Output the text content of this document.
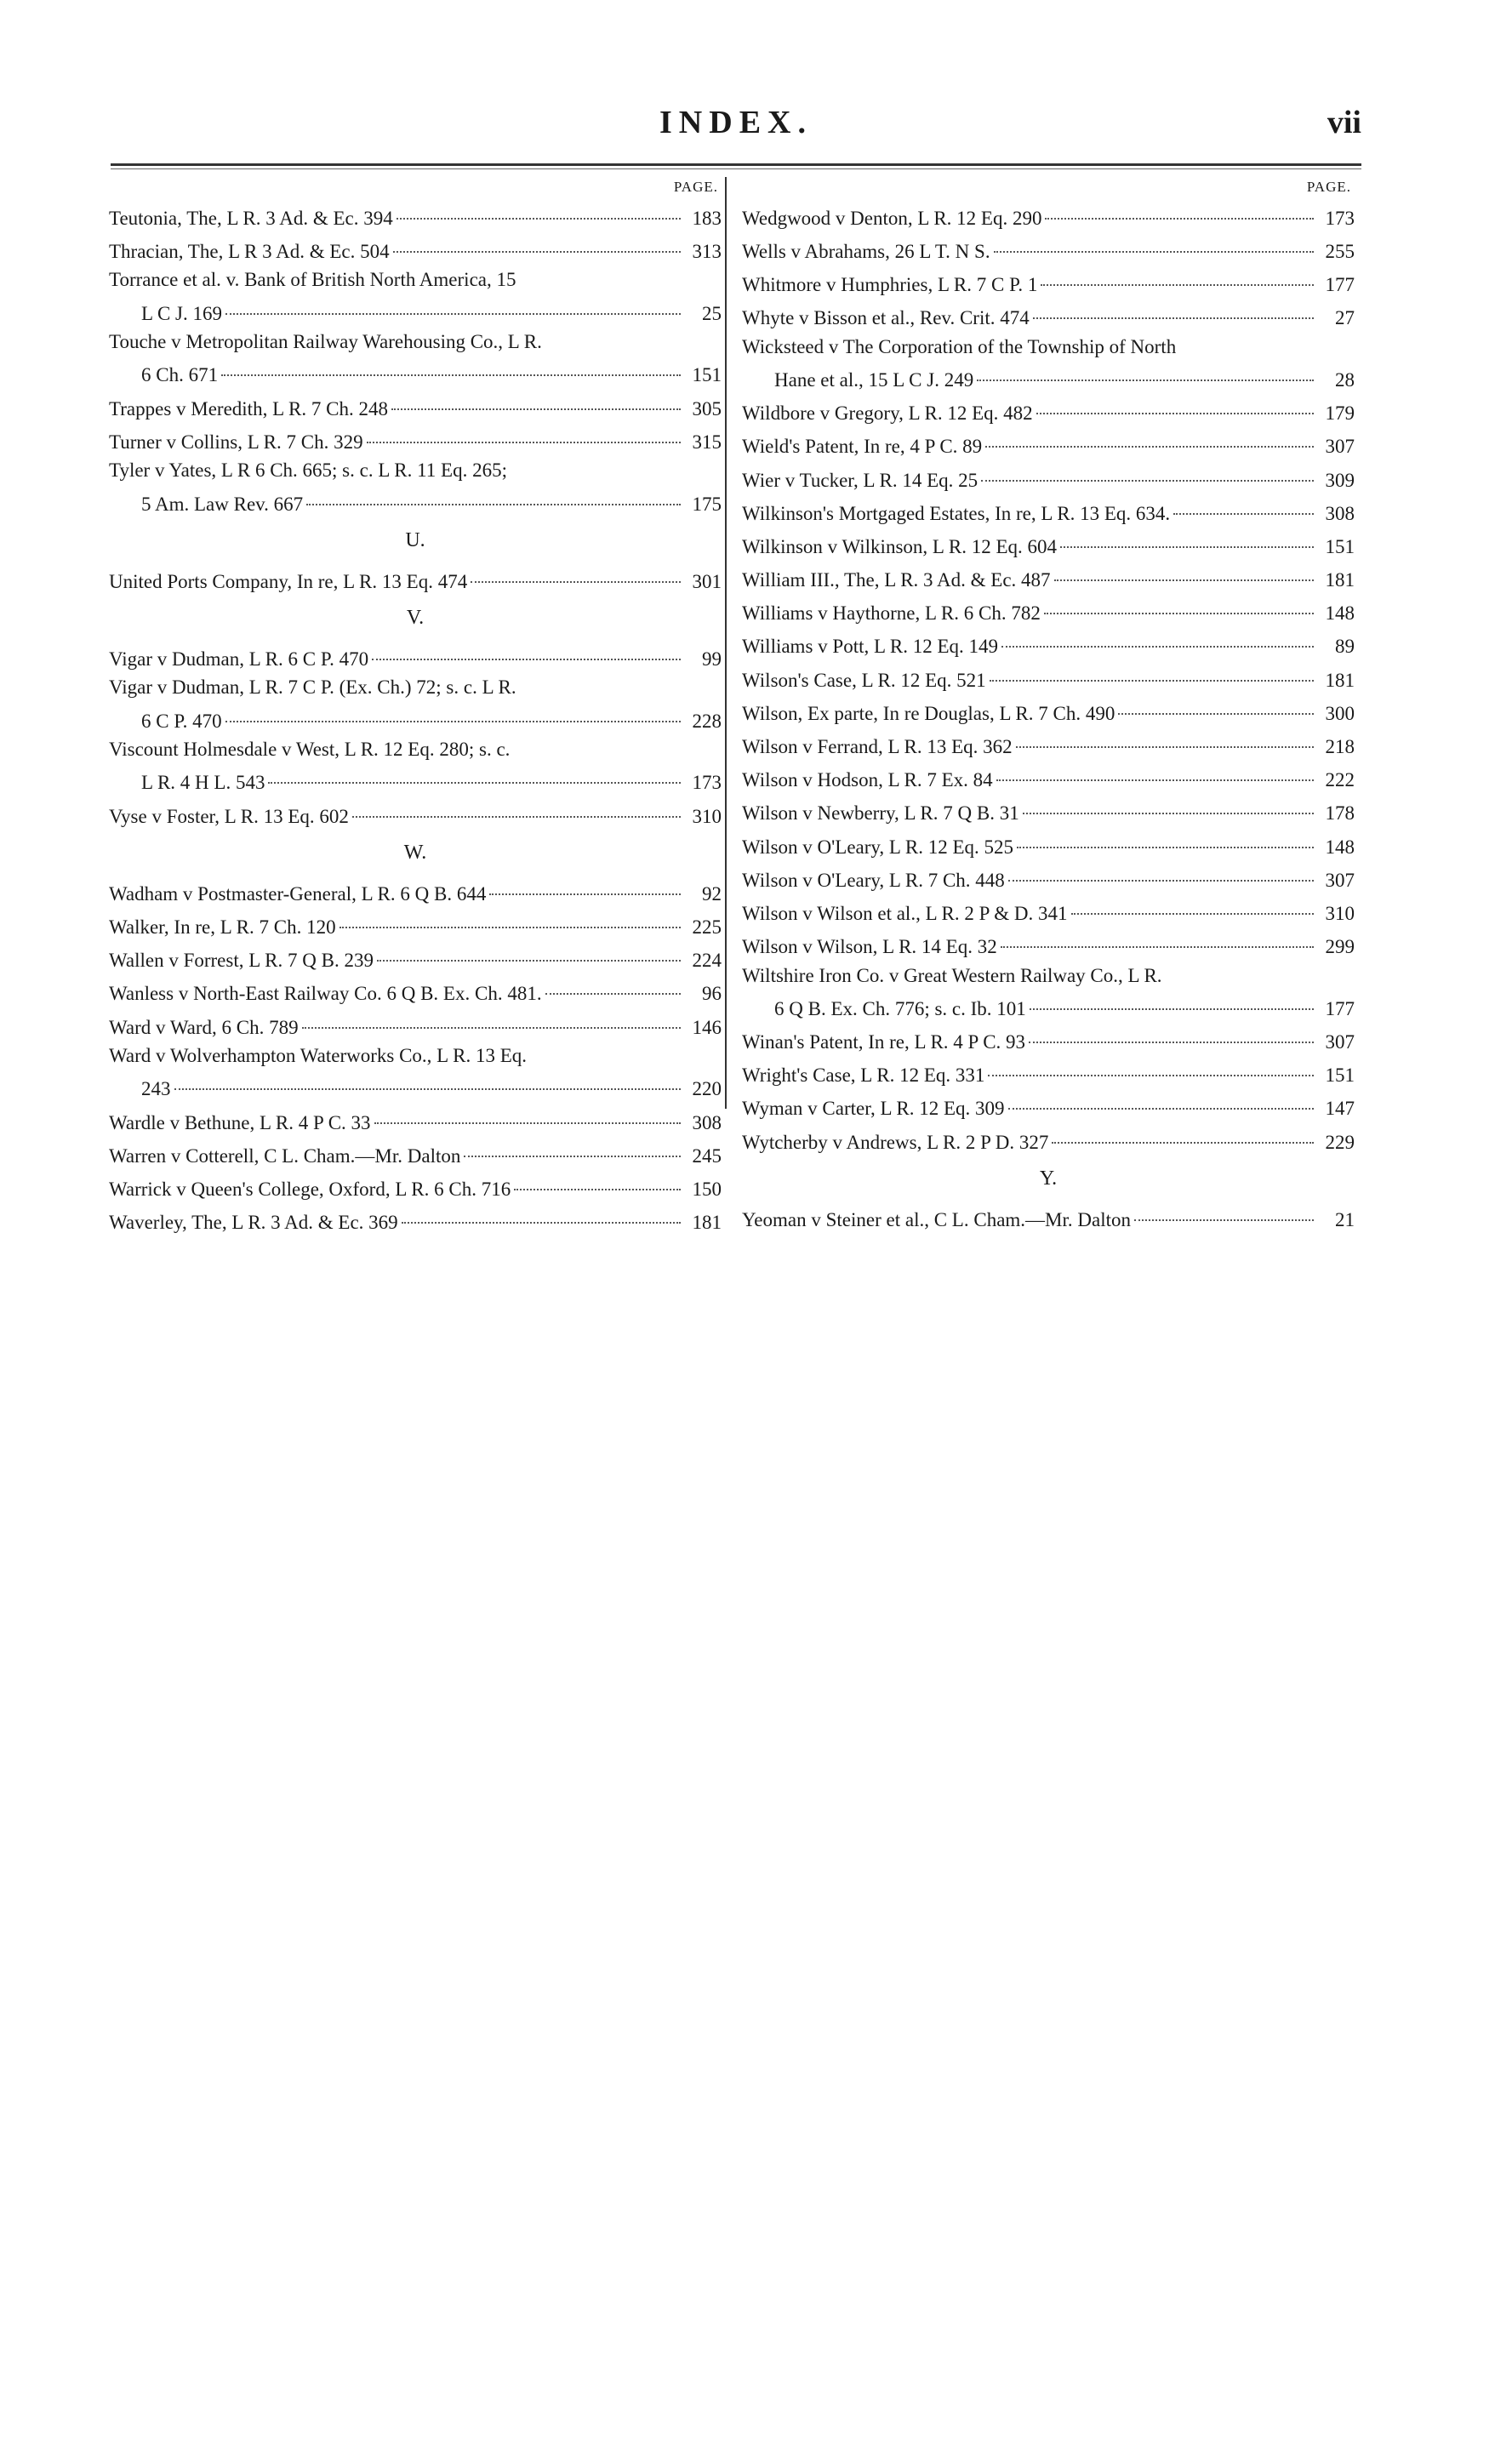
INDEX.	vii
PAGE.
Teutonia, The, L R. 3 Ad. & Ec. 394	183
Thracian, The, L R 3 Ad. & Ec. 504	313
Torrance et al. v. Bank of British North America, 15
L C J. 169	25
Touche v Metropolitan Railway Warehousing Co., L R.
6 Ch. 671	151
Trappes v Meredith, L R. 7 Ch. 248	305
Turner v Collins, L R. 7 Ch. 329	315
Tyler v Yates, L R 6 Ch. 665; s. c. L R. 11 Eq. 265;
5 Am. Law Rev. 667	175
U.
United Ports Company, In re, L R. 13 Eq. 474	301
V.
Vigar v Dudman, L R. 6 C P. 470	99
Vigar v Dudman, L R. 7 C P. (Ex. Ch.) 72; s. c. L R.
6 C P. 470	228
Viscount Holmesdale v West, L R. 12 Eq. 280; s. c.
L R. 4 H L. 543	173
Vyse v Foster, L R. 13 Eq. 602	310
W.
Wadham v Postmaster-General, L R. 6 Q B. 644	92
Walker, In re, L R. 7 Ch. 120	225
Wallen v Forrest, L R. 7 Q B. 239	224
Wanless v North-East Railway Co. 6 Q B. Ex. Ch. 481.	96
Ward v Ward, 6 Ch. 789	146
Ward v Wolverhampton Waterworks Co., L R. 13 Eq.
243	220
Wardle v Bethune, L R. 4 P C. 33	308
Warren v Cotterell, C L. Cham.—Mr. Dalton	245
Warrick v Queen's College, Oxford, L R. 6 Ch. 716	150
Waverley, The, L R. 3 Ad. & Ec. 369	181
PAGE.
Wedgwood v Denton, L R. 12 Eq. 290	173
Wells v Abrahams, 26 L T. N S.	255
Whitmore v Humphries, L R. 7 C P. 1	177
Whyte v Bisson et al., Rev. Crit. 474	27
Wicksteed v The Corporation of the Township of North
Hane et al., 15 L C J. 249	28
Wildbore v Gregory, L R. 12 Eq. 482	179
Wield's Patent, In re, 4 P C. 89	307
Wier v Tucker, L R. 14 Eq. 25	309
Wilkinson's Mortgaged Estates, In re, L R. 13 Eq. 634.	308
Wilkinson v Wilkinson, L R. 12 Eq. 604	151
William III., The, L R. 3 Ad. & Ec. 487	181
Williams v Haythorne, L R. 6 Ch. 782	148
Williams v Pott, L R. 12 Eq. 149	89
Wilson's Case, L R. 12 Eq. 521	181
Wilson, Ex parte, In re Douglas, L R. 7 Ch. 490	300
Wilson v Ferrand, L R. 13 Eq. 362	218
Wilson v Hodson, L R. 7 Ex. 84	222
Wilson v Newberry, L R. 7 Q B. 31	178
Wilson v O'Leary, L R. 12 Eq. 525	148
Wilson v O'Leary, L R. 7 Ch. 448	307
Wilson v Wilson et al., L R. 2 P & D. 341	310
Wilson v Wilson, L R. 14 Eq. 32	299
Wiltshire Iron Co. v Great Western Railway Co., L R.
6 Q B. Ex. Ch. 776; s. c. Ib. 101	177
Winan's Patent, In re, L R. 4 P C. 93	307
Wright's Case, L R. 12 Eq. 331	151
Wyman v Carter, L R. 12 Eq. 309	147
Wytcherby v Andrews, L R. 2 P D. 327	229
Y.
Yeoman v Steiner et al., C L. Cham.—Mr. Dalton	21
